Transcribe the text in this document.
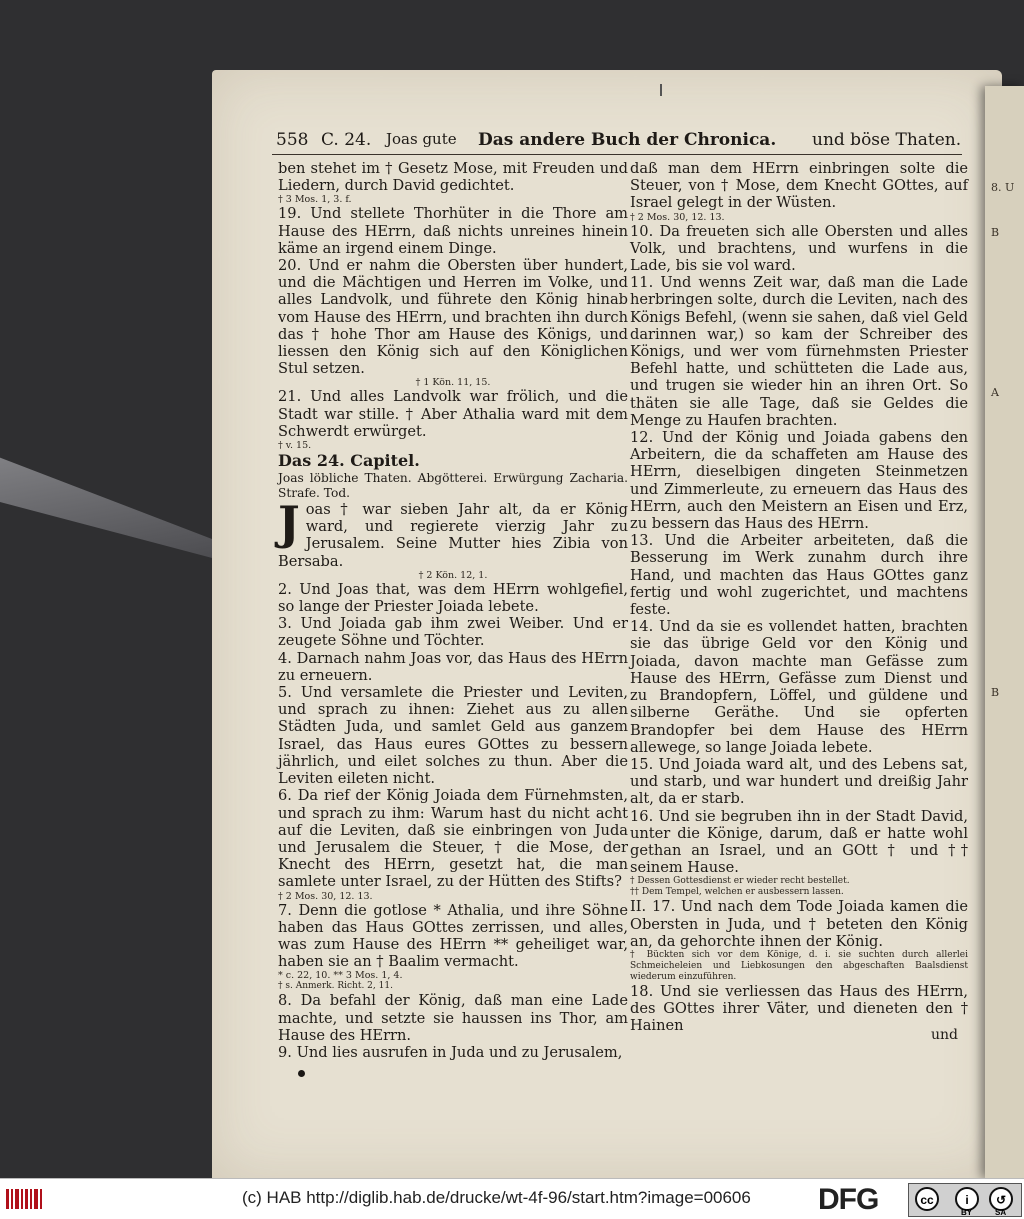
8. U
B
A
B
558 C. 24. Joas gute Das andere Buch der Chronica. und böse Thaten.

ben stehet im † Gesetz Mose, mit Freuden und Liedern, durch David gedichtet.

† 3 Mos. 1, 3. f.

19. Und stellete Thorhüter in die Thore am Hause des HErrn, daß nichts unreines hinein käme an irgend einem Dinge.

20. Und er nahm die Obersten über hundert, und die Mächtigen und Herren im Volke, und alles Landvolk, und führete den König hinab vom Hause des HErrn, und brachten ihn durch das † hohe Thor am Hause des Königs, und liessen den König sich auf den Königlichen Stul setzen.

† 1 Kön. 11, 15.

21. Und alles Landvolk war frölich, und die Stadt war stille. † Aber Athalia ward mit dem Schwerdt erwürget.

† v. 15.

Das 24. Capitel.

Joas löbliche Thaten. Abgötterei. Erwürgung Zacharia. Strafe. Tod.

Joas † war sieben Jahr alt, da er König ward, und regierete vierzig Jahr zu Jerusalem. Seine Mutter hies Zibia von Bersaba.

† 2 Kön. 12, 1.

2. Und Joas that, was dem HErrn wohlgefiel, so lange der Priester Joiada lebete.

3. Und Joiada gab ihm zwei Weiber. Und er zeugete Söhne und Töchter.

4. Darnach nahm Joas vor, das Haus des HErrn zu erneuern.

5. Und versamlete die Priester und Leviten, und sprach zu ihnen: Ziehet aus zu allen Städten Juda, und samlet Geld aus ganzem Israel, das Haus eures GOttes zu bessern jährlich, und eilet solches zu thun. Aber die Leviten eileten nicht.

6. Da rief der König Joiada dem Fürnehmsten, und sprach zu ihm: Warum hast du nicht acht auf die Leviten, daß sie einbringen von Juda und Jerusalem die Steuer, † die Mose, der Knecht des HErrn, gesetzt hat, die man samlete unter Israel, zu der Hütten des Stifts?

† 2 Mos. 30, 12. 13.

7. Denn die gotlose * Athalia, und ihre Söhne haben das Haus GOttes zerrissen, und alles, was zum Hause des HErrn ** geheiliget war, haben sie an † Baalim vermacht.

* c. 22, 10. ** 3 Mos. 1, 4.

† s. Anmerk. Richt. 2, 11.

8. Da befahl der König, daß man eine Lade machte, und setzte sie haussen ins Thor, am Hause des HErrn.

9. Und lies ausrufen in Juda und zu Jerusalem,

daß man dem HErrn einbringen solte die Steuer, von † Mose, dem Knecht GOttes, auf Israel gelegt in der Wüsten.

† 2 Mos. 30, 12. 13.

10. Da freueten sich alle Obersten und alles Volk, und brachtens, und wurfens in die Lade, bis sie vol ward.

11. Und wenns Zeit war, daß man die Lade herbringen solte, durch die Leviten, nach des Königs Befehl, (wenn sie sahen, daß viel Geld darinnen war,) so kam der Schreiber des Königs, und wer vom fürnehmsten Priester Befehl hatte, und schütteten die Lade aus, und trugen sie wieder hin an ihren Ort. So thäten sie alle Tage, daß sie Geldes die Menge zu Haufen brachten.

12. Und der König und Joiada gabens den Arbeitern, die da schaffeten am Hause des HErrn, dieselbigen dingeten Steinmetzen und Zimmerleute, zu erneuern das Haus des HErrn, auch den Meistern an Eisen und Erz, zu bessern das Haus des HErrn.

13. Und die Arbeiter arbeiteten, daß die Besserung im Werk zunahm durch ihre Hand, und machten das Haus GOttes ganz fertig und wohl zugerichtet, und machtens feste.

14. Und da sie es vollendet hatten, brachten sie das übrige Geld vor den König und Joiada, davon machte man Gefässe zum Hause des HErrn, Gefässe zum Dienst und zu Brandopfern, Löffel, und güldene und silberne Geräthe. Und sie opferten Brandopfer bei dem Hause des HErrn allewege, so lange Joiada lebete.

15. Und Joiada ward alt, und des Lebens sat, und starb, und war hundert und dreißig Jahr alt, da er starb.

16. Und sie begruben ihn in der Stadt David, unter die Könige, darum, daß er hatte wohl gethan an Israel, und an GOtt † und †† seinem Hause.

† Dessen Gottesdienst er wieder recht bestellet.

†† Dem Tempel, welchen er ausbessern lassen.

II. 17. Und nach dem Tode Joiada kamen die Obersten in Juda, und † beteten den König an, da gehorchte ihnen der König.

† Bückten sich vor dem Könige, d. i. sie suchten durch allerlei Schmeicheleien und Liebkosungen den abgeschaften Baalsdienst wiederum einzuführen.

18. Und sie verliessen das Haus des HErrn, des GOttes ihrer Väter, und dieneten den † Hainen

und
(c) HAB http://diglib.hab.de/drucke/wt-4f-96/start.htm?image=00606 DFG	cc	i	↺
BY	SA
